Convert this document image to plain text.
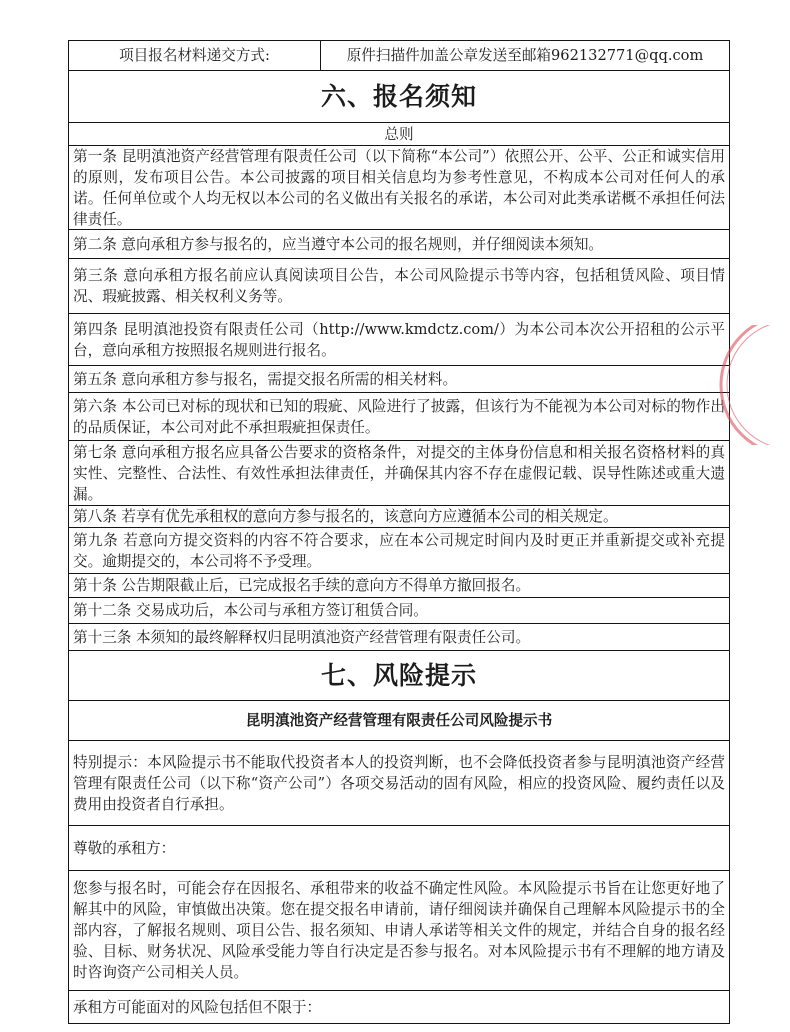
项目报名材料递交方式:	原件扫描件加盖公章发送至邮箱962132771@qq.com
六、报名须知
总则
第一条 昆明滇池资产经营管理有限责任公司（以下简称“本公司”）依照公开、公平、公正和诚实信用的原则，发布项目公告。本公司披露的项目相关信息均为参考性意见，不构成本公司对任何人的承诺。任何单位或个人均无权以本公司的名义做出有关报名的承诺，本公司对此类承诺概不承担任何法律责任。
第二条 意向承租方参与报名的，应当遵守本公司的报名规则，并仔细阅读本须知。
第三条 意向承租方报名前应认真阅读项目公告，本公司风险提示书等内容，包括租赁风险、项目情况、瑕疵披露、相关权利义务等。
第四条 昆明滇池投资有限责任公司（http://www.kmdctz.com/）为本公司本次公开招租的公示平台，意向承租方按照报名规则进行报名。
第五条 意向承租方参与报名，需提交报名所需的相关材料。
第六条 本公司已对标的现状和已知的瑕疵、风险进行了披露，但该行为不能视为本公司对标的物作出的品质保证，本公司对此不承担瑕疵担保责任。
第七条 意向承租方报名应具备公告要求的资格条件，对提交的主体身份信息和相关报名资格材料的真实性、完整性、合法性、有效性承担法律责任，并确保其内容不存在虚假记载、误导性陈述或重大遗漏。
第八条 若享有优先承租权的意向方参与报名的，该意向方应遵循本公司的相关规定。
第九条 若意向方提交资料的内容不符合要求，应在本公司规定时间内及时更正并重新提交或补充提交。逾期提交的，本公司将不予受理。
第十条 公告期限截止后，已完成报名手续的意向方不得单方撤回报名。
第十二条 交易成功后，本公司与承租方签订租赁合同。
第十三条 本须知的最终解释权归昆明滇池资产经营管理有限责任公司。
七、风险提示
昆明滇池资产经营管理有限责任公司风险提示书
特别提示：本风险提示书不能取代投资者本人的投资判断，也不会降低投资者参与昆明滇池资产经营管理有限责任公司（以下称“资产公司”）各项交易活动的固有风险，相应的投资风险、履约责任以及费用由投资者自行承担。
尊敬的承租方：
您参与报名时，可能会存在因报名、承租带来的收益不确定性风险。本风险提示书旨在让您更好地了解其中的风险，审慎做出决策。您在提交报名申请前，请仔细阅读并确保自己理解本风险提示书的全部内容，了解报名规则、项目公告、报名须知、申请人承诺等相关文件的规定，并结合自身的报名经验、目标、财务状况、风险承受能力等自行决定是否参与报名。对本风险提示书有不理解的地方请及时咨询资产公司相关人员。
承租方可能面对的风险包括但不限于：
